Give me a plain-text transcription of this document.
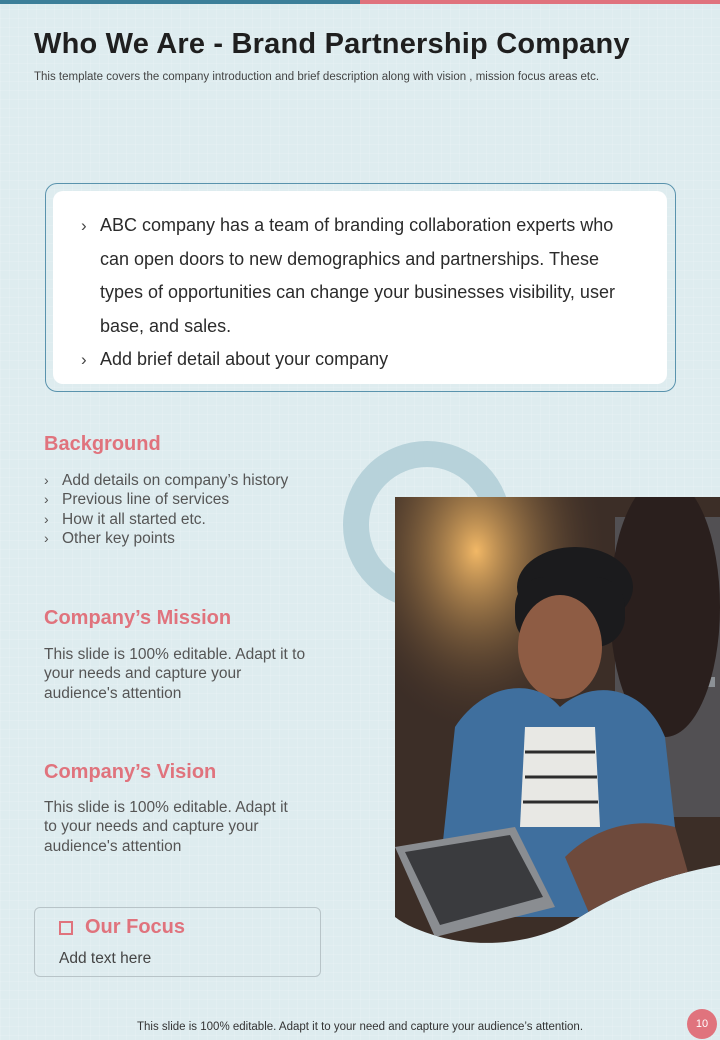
Who We Are - Brand Partnership Company
This template covers the company introduction and brief description along with vision , mission focus areas etc.
› ABC company has a team of branding collaboration experts who can open doors to new demographics and partnerships. These types of opportunities can change your businesses visibility, user base, and sales.
› Add brief detail about your company
Background
› Add details on company’s history
› Previous line of services
› How it all started etc.
› Other key points
Company’s Mission
This slide is 100% editable. Adapt it to
your needs and capture your
audience's attention
Company’s Vision
This slide is 100% editable. Adapt it
to your needs and capture your
audience's attention
Our Focus
Add text here
This slide is 100% editable. Adapt it to your need and capture your audience’s attention.	10
